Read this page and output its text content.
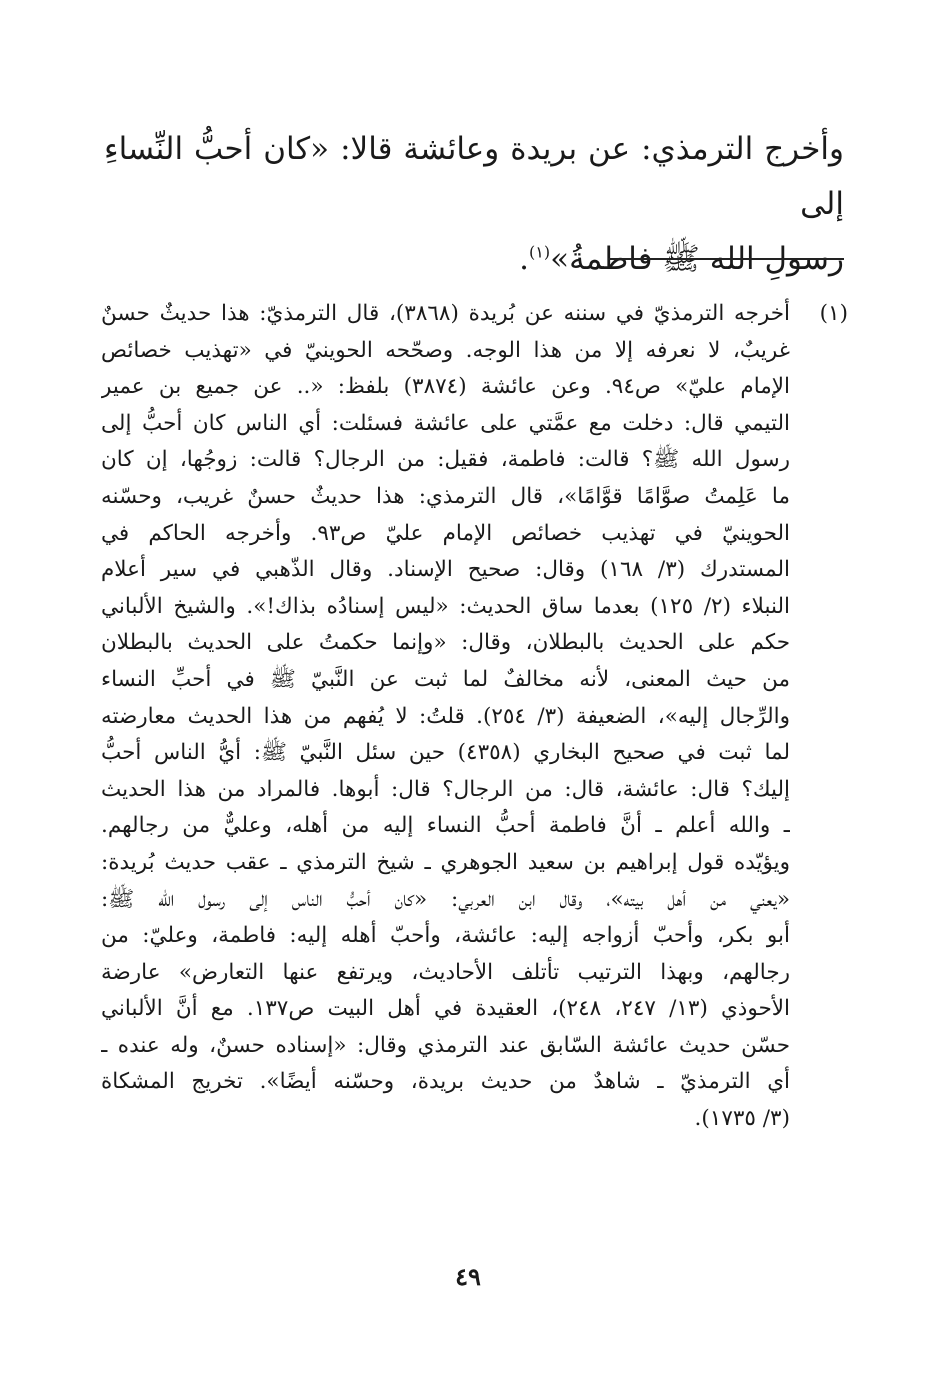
وأخرج الترمذي: عن بريدة وعائشة قالا: «كان أحبُّ النِّساءِ إلى

رسولِ الله ﷺ فاطمةُ»$^{(١)}$.

(١)
أخرجه الترمذيّ في سننه عن بُريدة (٣٨٦٨)، قال الترمذيّ: هذا حديثٌ حسنٌ
غريبٌ، لا نعرفه إلا من هذا الوجه. وصحّحه الحوينيّ في «تهذيب خصائص
الإمام عليّ» ص٩٤. وعن عائشة (٣٨٧٤) بلفظ: «.. عن جميع بن عمير
التيمي قال: دخلت مع عمَّتي على عائشة فسئلت: أي الناس كان أحبُّ إلى
رسول الله ﷺ؟ قالت: فاطمة، فقيل: من الرجال؟ قالت: زوجُها، إن كان
ما عَلِمتُ صوَّامًا قوَّامًا»، قال الترمذي: هذا حديثٌ حسنٌ غريب، وحسّنه
الحوينيّ في تهذيب خصائص الإمام عليّ ص٩٣. وأخرجه الحاكم في
المستدرك (٣/ ١٦٨) وقال: صحيح الإسناد. وقال الذّهبي في سير أعلام
النبلاء (٢/ ١٢٥) بعدما ساق الحديث: «ليس إسنادُه بذاك!». والشيخ الألباني
حكم على الحديث بالبطلان، وقال: «وإنما حكمتُ على الحديث بالبطلان
من حيث المعنى، لأنه مخالفٌ لما ثبت عن النَّبيّ ﷺ في أحبِّ النساء
والرِّجال إليه»، الضعيفة (٣/ ٢٥٤). قلتُ: لا يُفهم من هذا الحديث معارضته
لما ثبت في صحيح البخاري (٤٣٥٨) حين سئل النَّبيّ ﷺ: أيُّ الناس أحبُّ
إليك؟ قال: عائشة، قال: من الرجال؟ قال: أبوها. فالمراد من هذا الحديث
ـ والله أعلم ـ أنَّ فاطمة أحبُّ النساء إليه من أهله، وعليٌّ من رجالهم.
ويؤيّده قول إبراهيم بن سعيد الجوهري ـ شيخ الترمذي ـ عقب حديث بُريدة:
«يعني من أهل بيته»، وقال ابن العربي: «كان أحبُّ الناس إلى رسول الله ﷺ:
أبو بكر، وأحبّ أزواجه إليه: عائشة، وأحبّ أهله إليه: فاطمة، وعليّ: من
رجالهم، وبهذا الترتيب تأتلف الأحاديث، ويرتفع عنها التعارض» عارضة
الأحوذي (١٣/ ٢٤٧، ٢٤٨)، العقيدة في أهل البيت ص١٣٧. مع أنَّ الألباني
حسّن حديث عائشة السّابق عند الترمذي وقال: «إسناده حسنٌ، وله عنده ـ
أي الترمذيّ ـ شاهدٌ من حديث بريدة، وحسّنه أيضًا». تخريج المشكاة
(٣/ ١٧٣٥).
٤٩
